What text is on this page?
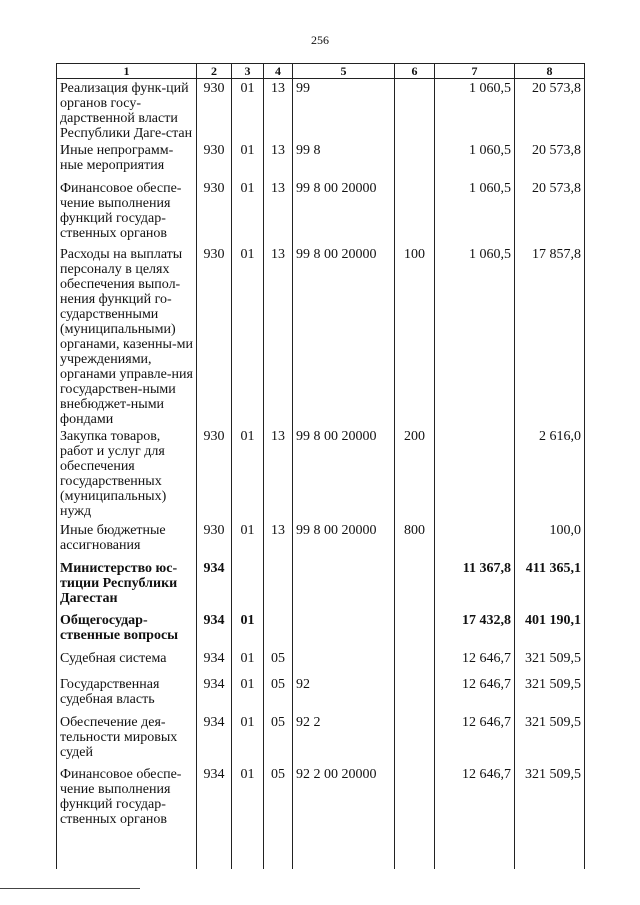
256
1	2	3	4	5	6	7	8
Реализация функ-ций органов госу-дарственной власти Республики Даге-стан	930	01	13	99		1 060,5	20 573,8
Иные непрограмм-ные мероприятия	930	01	13	99 8		1 060,5	20 573,8
Финансовое обеспе-чение выполнения функций государ-ственных органов	930	01	13	99 8 00 20000		1 060,5	20 573,8
Расходы на выплаты персоналу в целях обеспечения выпол-нения функций го-сударственными (муниципальными) органами, казенны-ми учреждениями, органами управле-ния государствен-ными внебюджет-ными фондами	930	01	13	99 8 00 20000	100	1 060,5	17 857,8
Закупка товаров, работ и услуг для обеспечения государственных (муниципальных) нужд	930	01	13	99 8 00 20000	200		2 616,0
Иные бюджетные ассигнования	930	01	13	99 8 00 20000	800		100,0
Министерство юс-тиции Республики Дагестан	934					11 367,8	411 365,1
Общегосудар-ственные вопросы	934	01				17 432,8	401 190,1
Судебная система	934	01	05			12 646,7	321 509,5
Государственная судебная власть	934	01	05	92		12 646,7	321 509,5
Обеспечение дея-тельности мировых судей	934	01	05	92 2		12 646,7	321 509,5
Финансовое обеспе-чение выполнения функций государ-ственных органов	934	01	05	92 2 00 20000		12 646,7	321 509,5
